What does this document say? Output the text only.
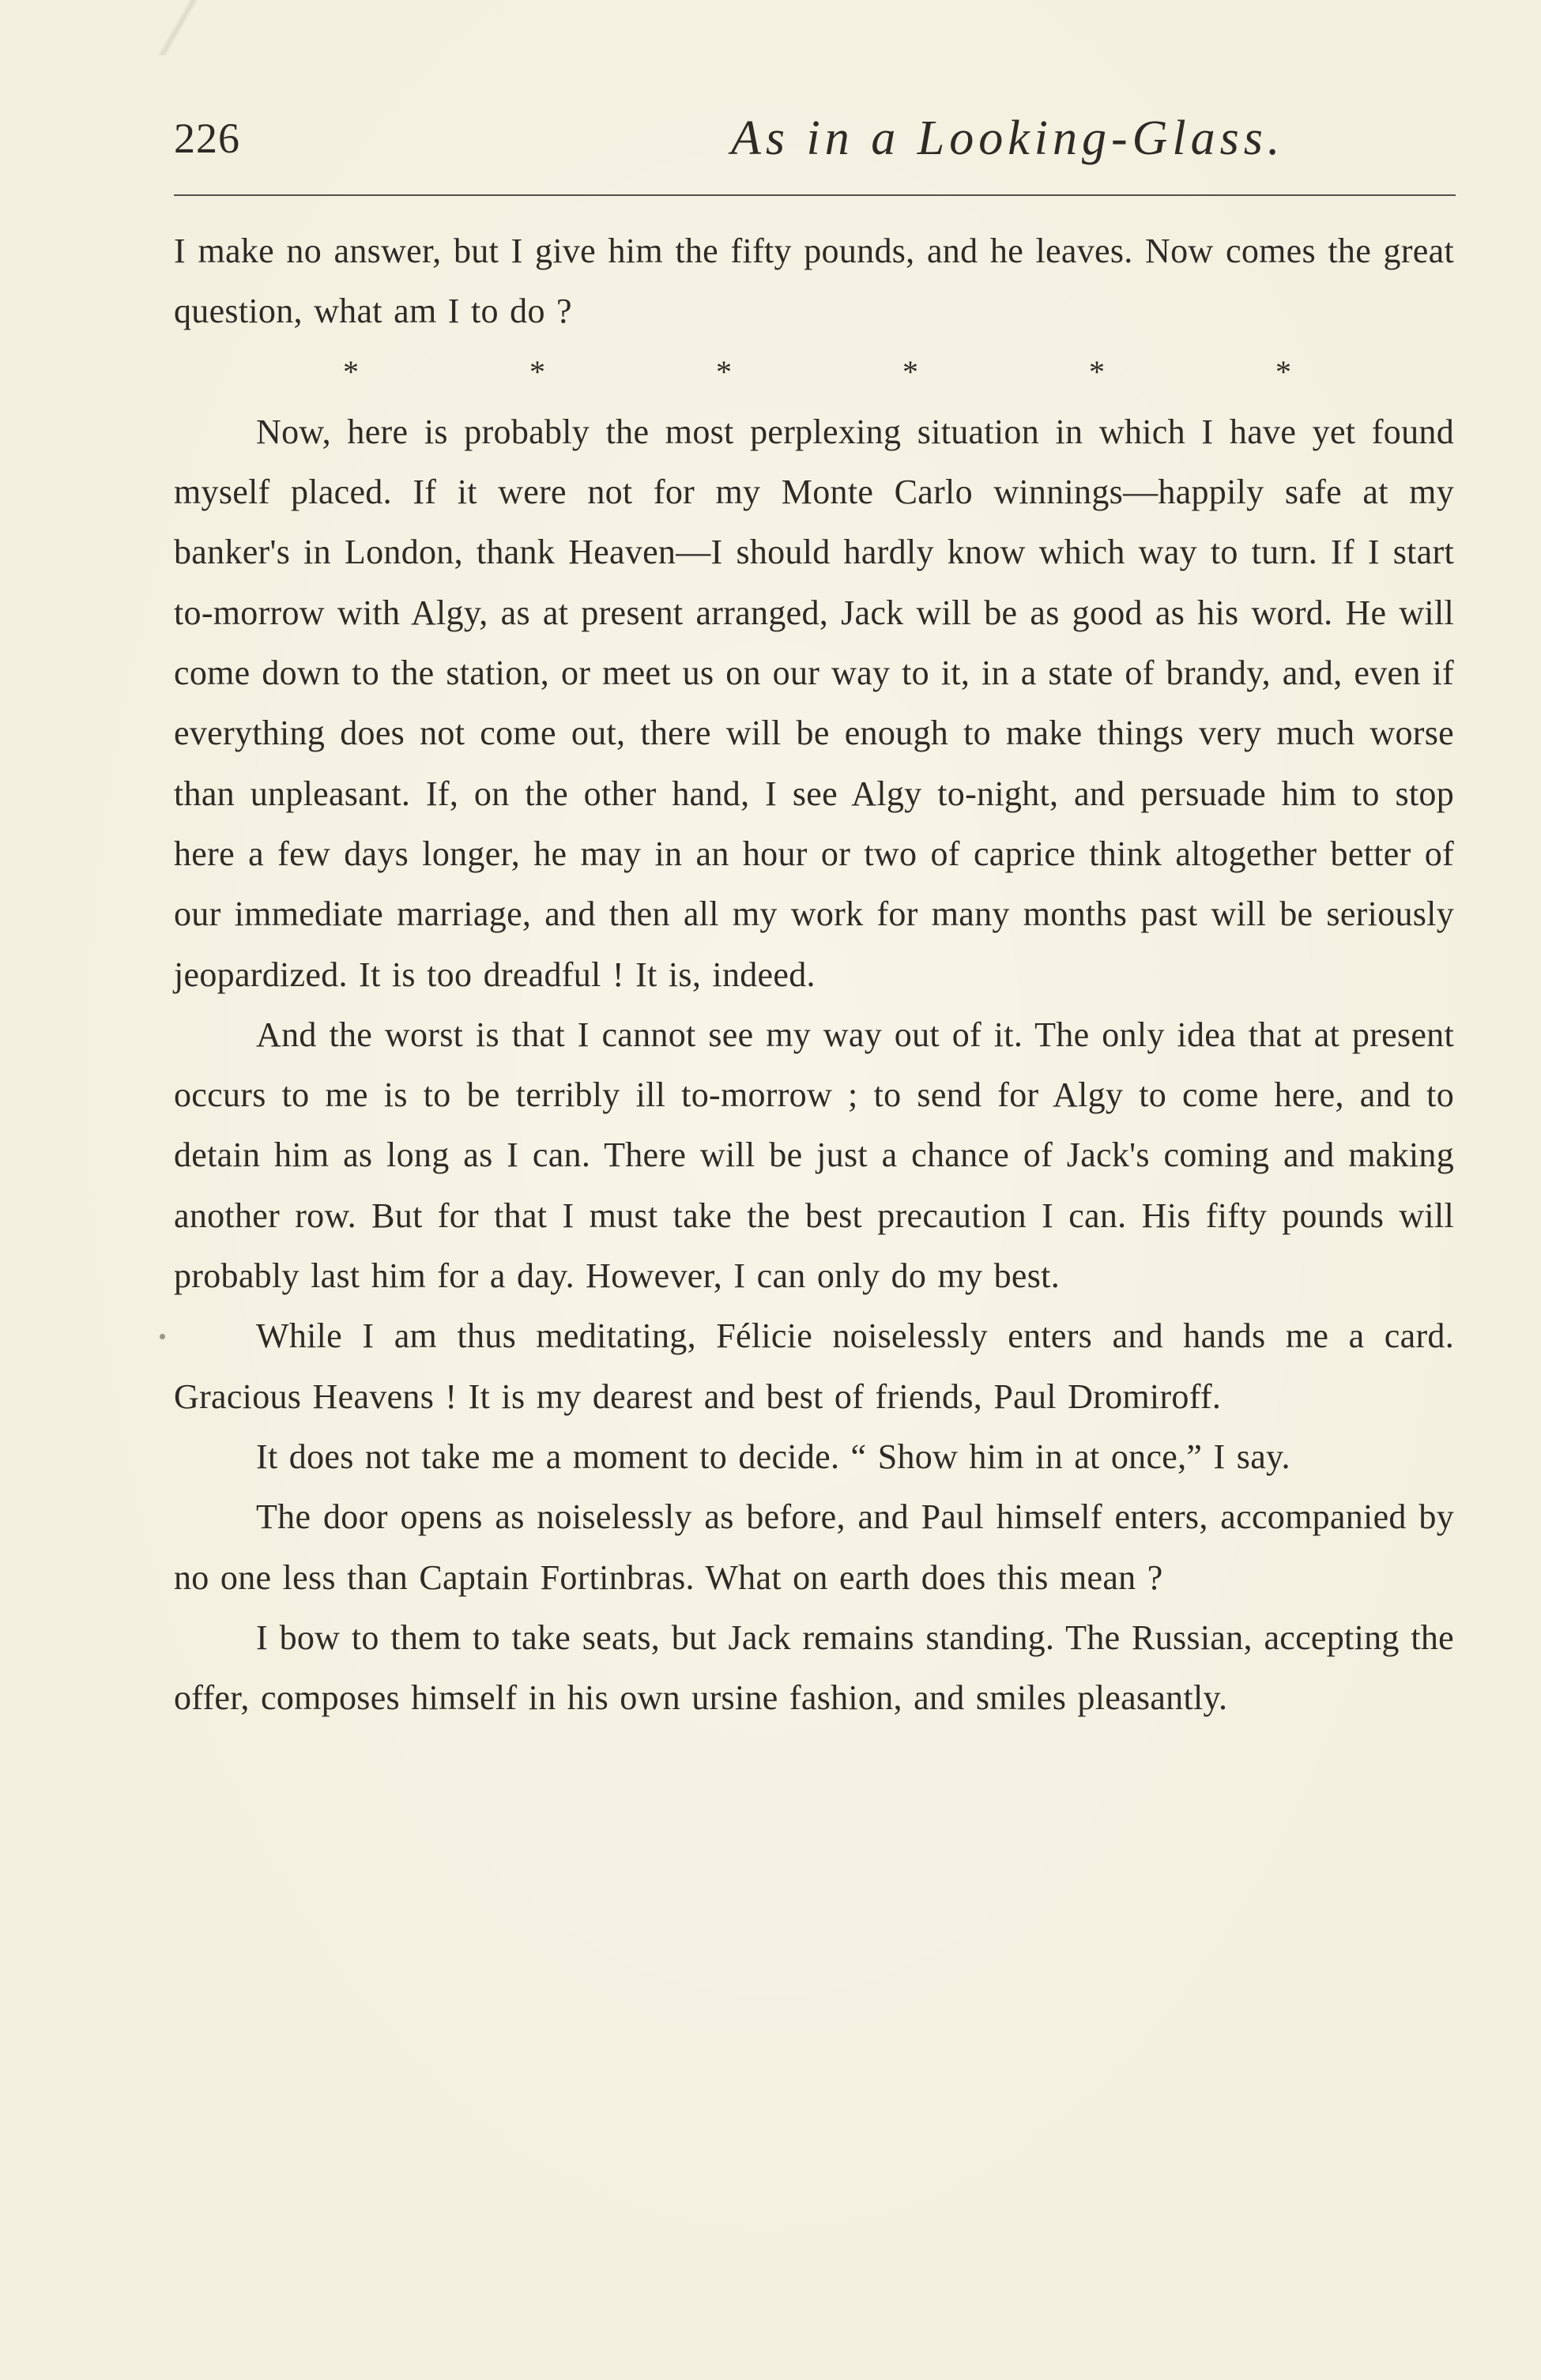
226	As in a Looking-Glass.

I make no answer, but I give him the fifty pounds, and he leaves. Now comes the great question, what am I to do ?

*	*	*	*	*	*

Now, here is probably the most perplexing situation in which I have yet found myself placed. If it were not for my Monte Carlo winnings—happily safe at my banker's in London, thank Heaven—I should hardly know which way to turn. If I start to-morrow with Algy, as at present arranged, Jack will be as good as his word. He will come down to the station, or meet us on our way to it, in a state of brandy, and, even if everything does not come out, there will be enough to make things very much worse than unpleasant. If, on the other hand, I see Algy to-night, and persuade him to stop here a few days longer, he may in an hour or two of caprice think altogether better of our immediate marriage, and then all my work for many months past will be seriously jeopardized. It is too dreadful ! It is, indeed.

And the worst is that I cannot see my way out of it. The only idea that at present occurs to me is to be terribly ill to-morrow ; to send for Algy to come here, and to detain him as long as I can. There will be just a chance of Jack's coming and making another row. But for that I must take the best precaution I can. His fifty pounds will probably last him for a day. However, I can only do my best.

While I am thus meditating, Félicie noiselessly enters and hands me a card. Gracious Heavens ! It is my dearest and best of friends, Paul Dromiroff.

It does not take me a moment to decide. “ Show him in at once,” I say.

The door opens as noiselessly as before, and Paul himself enters, accompanied by no one less than Captain Fortinbras. What on earth does this mean ?

I bow to them to take seats, but Jack remains standing. The Russian, accepting the offer, composes himself in his own ursine fashion, and smiles pleasantly.
